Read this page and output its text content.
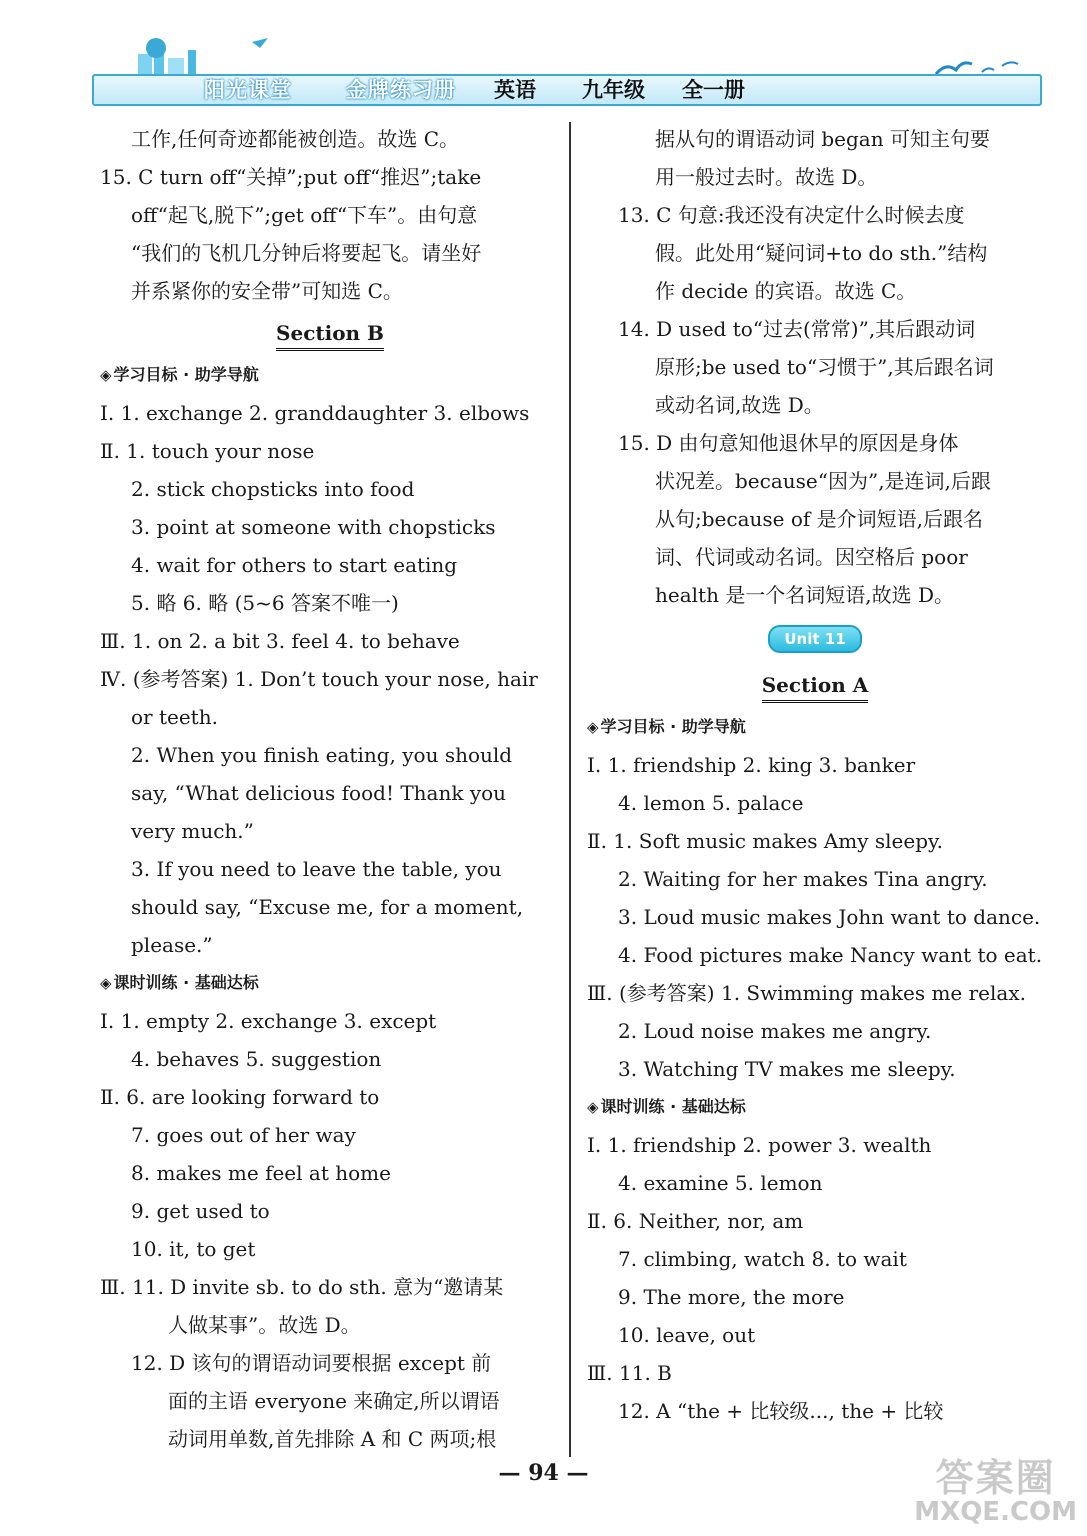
阳光课堂	金牌练习册 英语 九年级 全一册
工作,任何奇迹都能被创造。故选 C。
15. C turn off“关掉”;put off“推迟”;take
off“起飞,脱下”;get off“下车”。由句意
“我们的飞机几分钟后将要起飞。请坐好
并系紧你的安全带”可知选 C。
Section B
◈ 学习目标 · 助学导航
Ⅰ. 1. exchange 2. granddaughter 3. elbows
Ⅱ. 1. touch your nose
2. stick chopsticks into food
3. point at someone with chopsticks
4. wait for others to start eating
5. 略 6. 略 (5~6 答案不唯一)
Ⅲ. 1. on 2. a bit 3. feel 4. to behave
Ⅳ. (参考答案) 1. Don’t touch your nose, hair
or teeth.
2. When you finish eating, you should
say, “What delicious food! Thank you
very much.”
3. If you need to leave the table, you
should say, “Excuse me, for a moment,
please.”
◈ 课时训练 · 基础达标
Ⅰ. 1. empty 2. exchange 3. except
4. behaves 5. suggestion
Ⅱ. 6. are looking forward to
7. goes out of her way
8. makes me feel at home
9. get used to
10. it, to get
Ⅲ. 11. D invite sb. to do sth. 意为“邀请某
人做某事”。故选 D。
12. D 该句的谓语动词要根据 except 前
面的主语 everyone 来确定,所以谓语
动词用单数,首先排除 A 和 C 两项;根
据从句的谓语动词 began 可知主句要
用一般过去时。故选 D。
13. C 句意:我还没有决定什么时候去度
假。此处用“疑问词+to do sth.”结构
作 decide 的宾语。故选 C。
14. D used to“过去(常常)”,其后跟动词
原形;be used to“习惯于”,其后跟名词
或动名词,故选 D。
15. D 由句意知他退休早的原因是身体
状况差。because“因为”,是连词,后跟
从句;because of 是介词短语,后跟名
词、代词或动名词。因空格后 poor
health 是一个名词短语,故选 D。
Unit 11
Section A
◈ 学习目标 · 助学导航
Ⅰ. 1. friendship 2. king 3. banker
4. lemon 5. palace
Ⅱ. 1. Soft music makes Amy sleepy.
2. Waiting for her makes Tina angry.
3. Loud music makes John want to dance.
4. Food pictures make Nancy want to eat.
Ⅲ. (参考答案) 1. Swimming makes me relax.
2. Loud noise makes me angry.
3. Watching TV makes me sleepy.
◈ 课时训练 · 基础达标
Ⅰ. 1. friendship 2. power 3. wealth
4. examine 5. lemon
Ⅱ. 6. Neither, nor, am
7. climbing, watch 8. to wait
9. The more, the more
10. leave, out
Ⅲ. 11. B
12. A “the + 比较级..., the + 比较
— 94 —	答案圈
MXQE.COM
